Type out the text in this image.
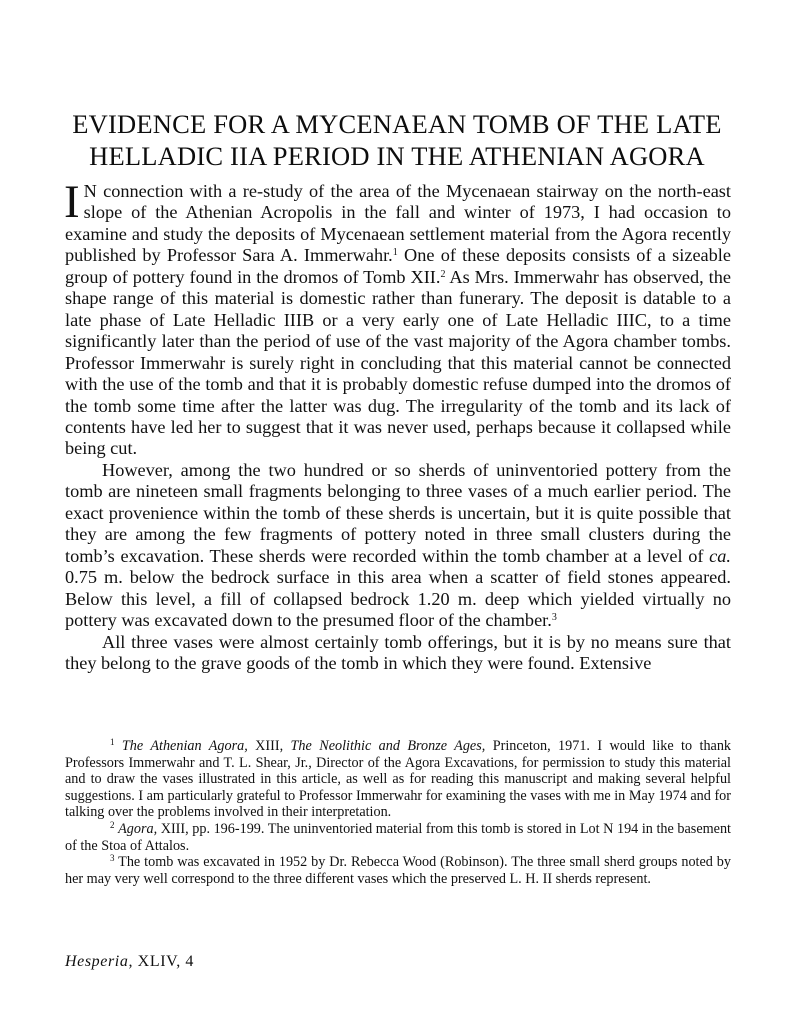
EVIDENCE FOR A MYCENAEAN TOMB OF THE LATE
HELLADIC IIA PERIOD IN THE ATHENIAN AGORA

I N connection with a re-study of the area of the Mycenaean stairway on the north-east slope of the Athenian Acropolis in the fall and winter of 1973, I had occasion to examine and study the deposits of Mycenaean settlement material from the Agora recently published by Professor Sara A. Immerwahr.$^1$ One of these deposits consists of a sizeable group of pottery found in the dromos of Tomb XII.$^2$ As Mrs. Immerwahr has observed, the shape range of this material is domestic rather than funerary. The deposit is datable to a late phase of Late Helladic IIIB or a very early one of Late Helladic IIIC, to a time significantly later than the period of use of the vast majority of the Agora chamber tombs. Professor Immerwahr is surely right in concluding that this material cannot be connected with the use of the tomb and that it is probably domestic refuse dumped into the dromos of the tomb some time after the latter was dug. The irregularity of the tomb and its lack of contents have led her to suggest that it was never used, perhaps because it collapsed while being cut.

However, among the two hundred or so sherds of uninventoried pottery from the tomb are nineteen small fragments belonging to three vases of a much earlier period. The exact provenience within the tomb of these sherds is uncertain, but it is quite possible that they are among the few fragments of pottery noted in three small clusters during the tomb’s excavation. These sherds were recorded within the tomb chamber at a level of ca. 0.75 m. below the bedrock surface in this area when a scatter of field stones appeared. Below this level, a fill of collapsed bedrock 1.20 m. deep which yielded virtually no pottery was excavated down to the presumed floor of the chamber.$^3$

All three vases were almost certainly tomb offerings, but it is by no means sure that they belong to the grave goods of the tomb in which they were found. Extensive

$^1$ The Athenian Agora, XIII, The Neolithic and Bronze Ages, Princeton, 1971. I would like to thank Professors Immerwahr and T. L. Shear, Jr., Director of the Agora Excavations, for permission to study this material and to draw the vases illustrated in this article, as well as for reading this manuscript and making several helpful suggestions. I am particularly grateful to Professor Immerwahr for examining the vases with me in May 1974 and for talking over the problems involved in their interpretation.

$^2$ Agora, XIII, pp. 196-199. The uninventoried material from this tomb is stored in Lot N 194 in the basement of the Stoa of Attalos.

$^3$ The tomb was excavated in 1952 by Dr. Rebecca Wood (Robinson). The three small sherd groups noted by her may very well correspond to the three different vases which the preserved L. H. II sherds represent.

Hesperia, XLIV, 4
